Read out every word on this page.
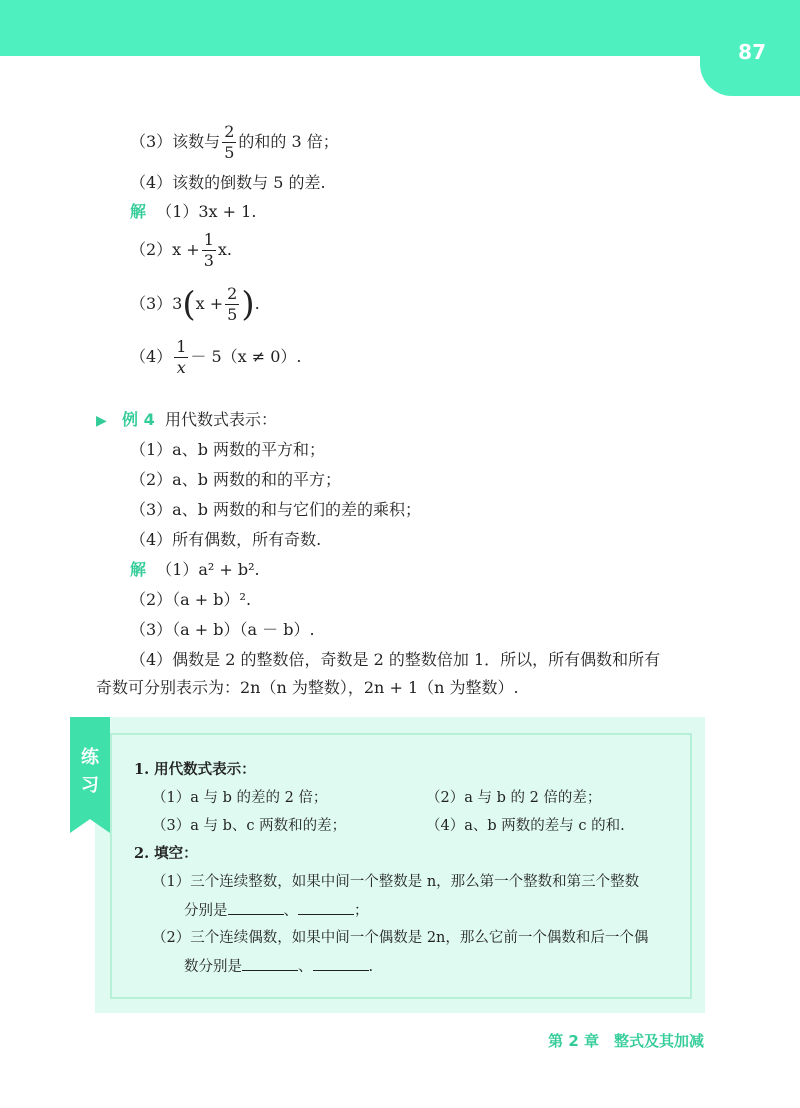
87
（3）该数与 $\frac{2}{5}$ 的和的 3 倍；
（4）该数的倒数与 5 的差.
解 （1）3x + 1.
$(2)x + \frac{1}{3} x$.
$(3)3(x + \frac{2}{5}$ ).
$(4) \frac{1}{x} - 5(x \ne 0)$.
▶ 例 4 用代数式表示：
（1）a、b 两数的平方和；
（2）a、b 两数的和的平方；
（3）a、b 两数的和与它们的差的乘积；
（4）所有偶数，所有奇数.
解 （1）a² + b².
（2）（a + b）².
（3）（a + b）（a － b）.
（4）偶数是 2 的整数倍，奇数是 2 的整数倍加 1．所以，所有偶数和所有
奇数可分别表示为：2n（n 为整数），2n + 1（n 为整数）.
练习
1. 用代数式表示：
（1）a 与 b 的差的 2 倍；	（2）a 与 b 的 2 倍的差；
（3）a 与 b、c 两数和的差；	（4）a、b 两数的差与 c 的和.
2. 填空：
（1）三个连续整数，如果中间一个整数是 n，那么第一个整数和第三个整数
分别是	、	；
（2）三个连续偶数，如果中间一个偶数是 2n，那么它前一个偶数和后一个偶
数分别是	、	.
第 2 章　整式及其加减
